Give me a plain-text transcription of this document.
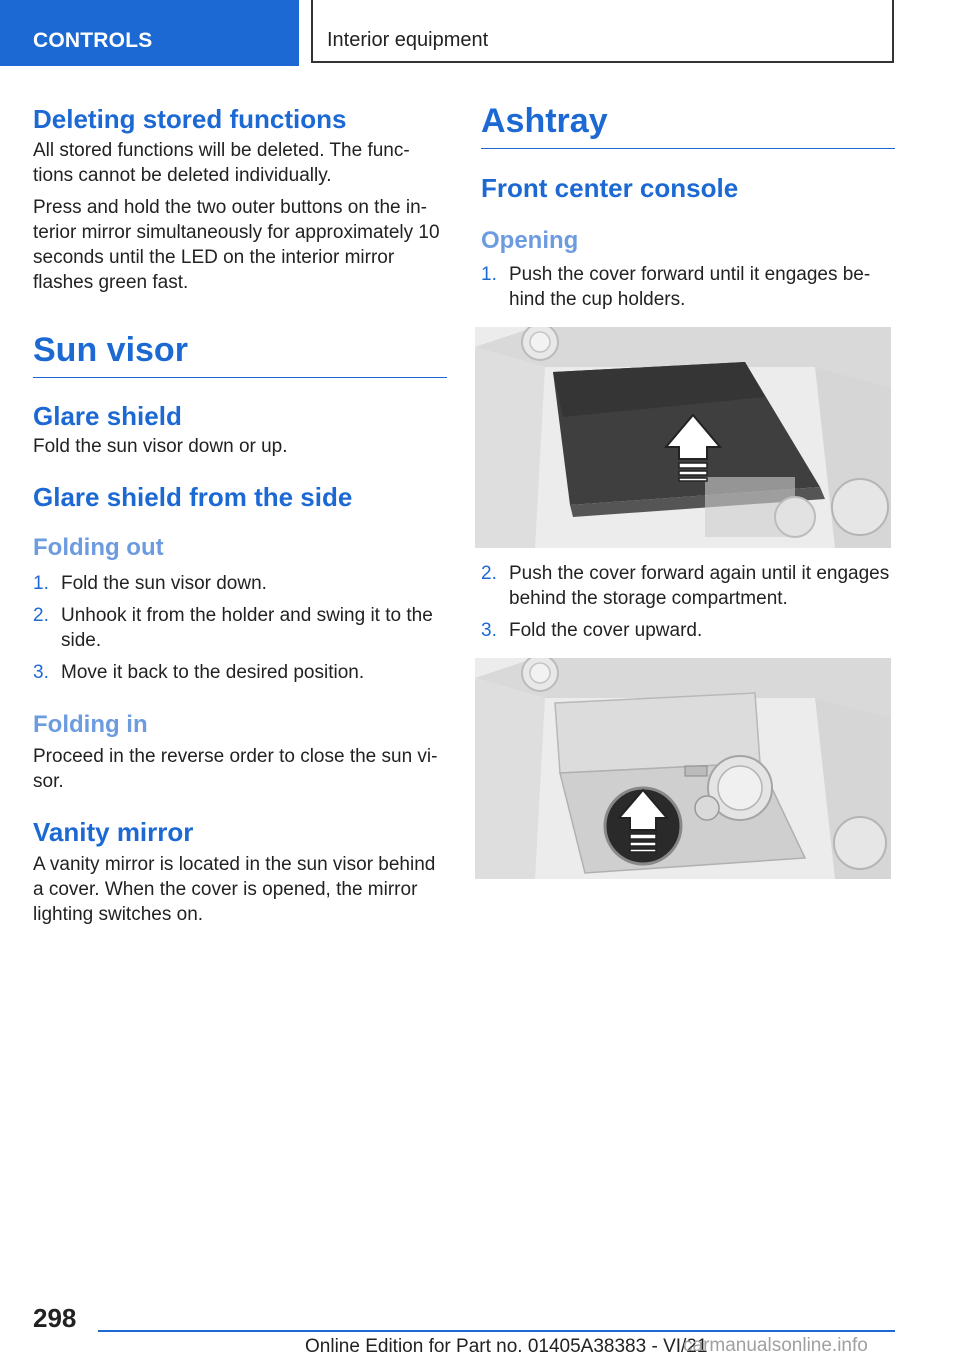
CONTROLS	Interior equipment
Deleting stored functions

All stored functions will be deleted. The func‐tions cannot be deleted individually.

Press and hold the two outer buttons on the in‐terior mirror simultaneously for approximately 10 seconds until the LED on the interior mirror flashes green fast.

Sun visor
Glare shield

Fold the sun visor down or up.

Glare shield from the side
Folding out
1. Fold the sun visor down.
2. Unhook it from the holder and swing it to the side.
3. Move it back to the desired position.
Folding in

Proceed in the reverse order to close the sun vi‐sor.

Vanity mirror

A vanity mirror is located in the sun visor behind a cover. When the cover is opened, the mirror lighting switches on.

Ashtray
Front center console
Opening
1. Push the cover forward until it engages be‐hind the cup holders.
2. Push the cover forward again until it engages behind the storage compartment.
3. Fold the cover upward.
298
Online Edition for Part no. 01405A38383 - VI/21
carmanualsonline.info
